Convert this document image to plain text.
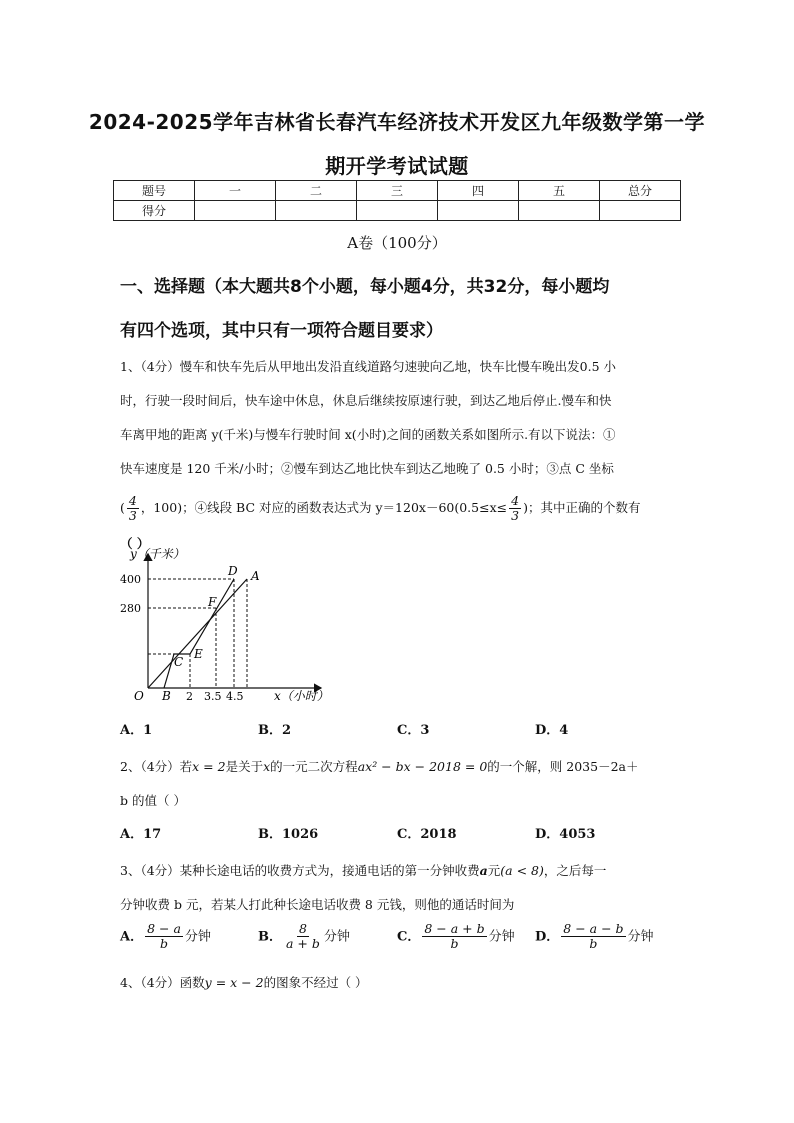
2024-2025学年吉林省长春汽车经济技术开发区九年级数学第一学
期开学考试试题
题号	一	二	三	四	五	总分
得分						
A卷（100分）
一、选择题（本大题共8个小题，每小题4分，共32分，每小题均
有四个选项，其中只有一项符合题目要求）
1、（4分）慢车和快车先后从甲地出发沿直线道路匀速驶向乙地，快车比慢车晚出发0.5 小
时，行驶一段时间后，快车途中休息，休息后继续按原速行驶，到达乙地后停止.慢车和快
车离甲地的距离 y(千米)与慢车行驶时间 x(小时)之间的函数关系如图所示.有以下说法：①
快车速度是 120 千米/小时；②慢车到达乙地比快车到达乙地晚了 0.5 小时；③点 C 坐标
( $\frac{4}{3}$ ，100)；④线段 BC 对应的函数表达式为 $y=120x-60(0.5\le x\le \frac{4}{3}$ )；其中正确的个数有
（ ）
y（千米）
x（小时）
400
280
2 3.5 4.5
O B
C
E
F
D A
A．1	B．2	C．3	D．4
2、（4分）若x = 2是关于x的一元二次方程ax² − bx − 2018 = 0的一个解，则 2035－2a＋
b 的值（ ）
A．17	B．1026	C．2018	D．4053
3、（4分）某种长途电话的收费方式为，接通电话的第一分钟收费a元(a < 8)，之后每一
分钟收费 b 元，若某人打此种长途电话收费 8 元钱，则他的通话时间为
A． $\frac{8 - a}{b}$ 分钟	B． $\frac{8}{a + b}$ 分钟	C． $\frac{8 - a + b}{b}$ 分钟 D． $\frac{8 - a - b}{b}$ 分钟
4、（4分）函数y = x − 2的图象不经过（ ）
